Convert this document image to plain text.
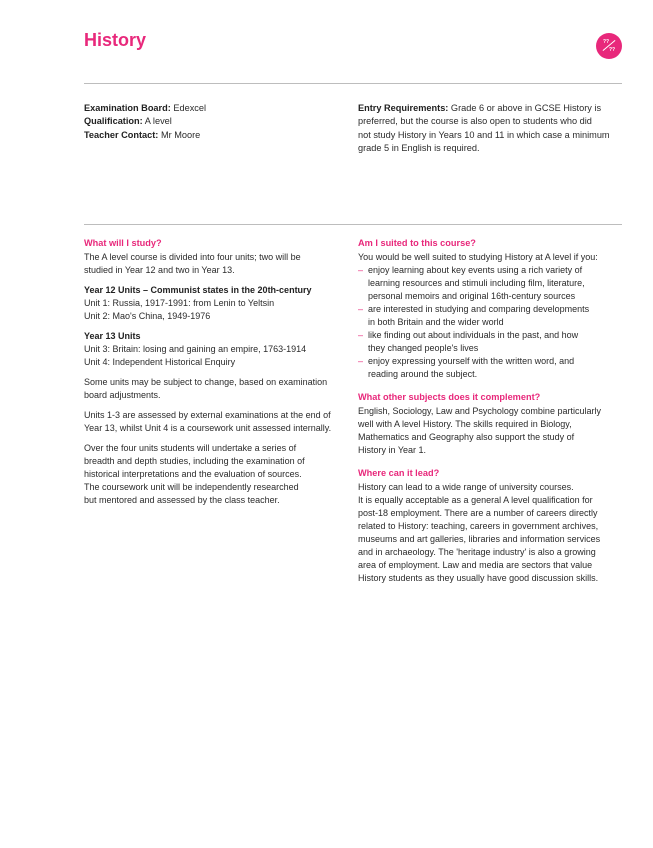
History	??
??
Examination Board: Edexcel
Qualification: A level
Teacher Contact: Mr Moore
Entry Requirements: Grade 6 or above in GCSE History is
preferred, but the course is also open to students who did
not study History in Years 10 and 11 in which case a minimum
grade 5 in English is required.

What will I study?

The A level course is divided into four units; two will be

studied in Year 12 and two in Year 13.

Year 12 Units – Communist states in the 20th-century

Unit 1: Russia, 1917-1991: from Lenin to Yeltsin

Unit 2: Mao's China, 1949-1976

Year 13 Units

Unit 3: Britain: losing and gaining an empire, 1763-1914

Unit 4: Independent Historical Enquiry

Some units may be subject to change, based on examination

board adjustments.

Units 1-3 are assessed by external examinations at the end of

Year 13, whilst Unit 4 is a coursework unit assessed internally.

Over the four units students will undertake a series of

breadth and depth studies, including the examination of

historical interpretations and the evaluation of sources.

The coursework unit will be independently researched

but mentored and assessed by the class teacher.

Am I suited to this course?

You would be well suited to studying History at A level if you:

– enjoy learning about key events using a rich variety of
learning resources and stimuli including film, literature,
personal memoirs and original 16th-century sources
– are interested in studying and comparing developments
in both Britain and the wider world
– like finding out about individuals in the past, and how
they changed people's lives
– enjoy expressing yourself with the written word, and
reading around the subject.

What other subjects does it complement?

English, Sociology, Law and Psychology combine particularly

well with A level History. The skills required in Biology,

Mathematics and Geography also support the study of

History in Year 1.

Where can it lead?

History can lead to a wide range of university courses.

It is equally acceptable as a general A level qualification for

post-18 employment. There are a number of careers directly

related to History: teaching, careers in government archives,

museums and art galleries, libraries and information services

and in archaeology. The 'heritage industry' is also a growing

area of employment. Law and media are sectors that value

History students as they usually have good discussion skills.
